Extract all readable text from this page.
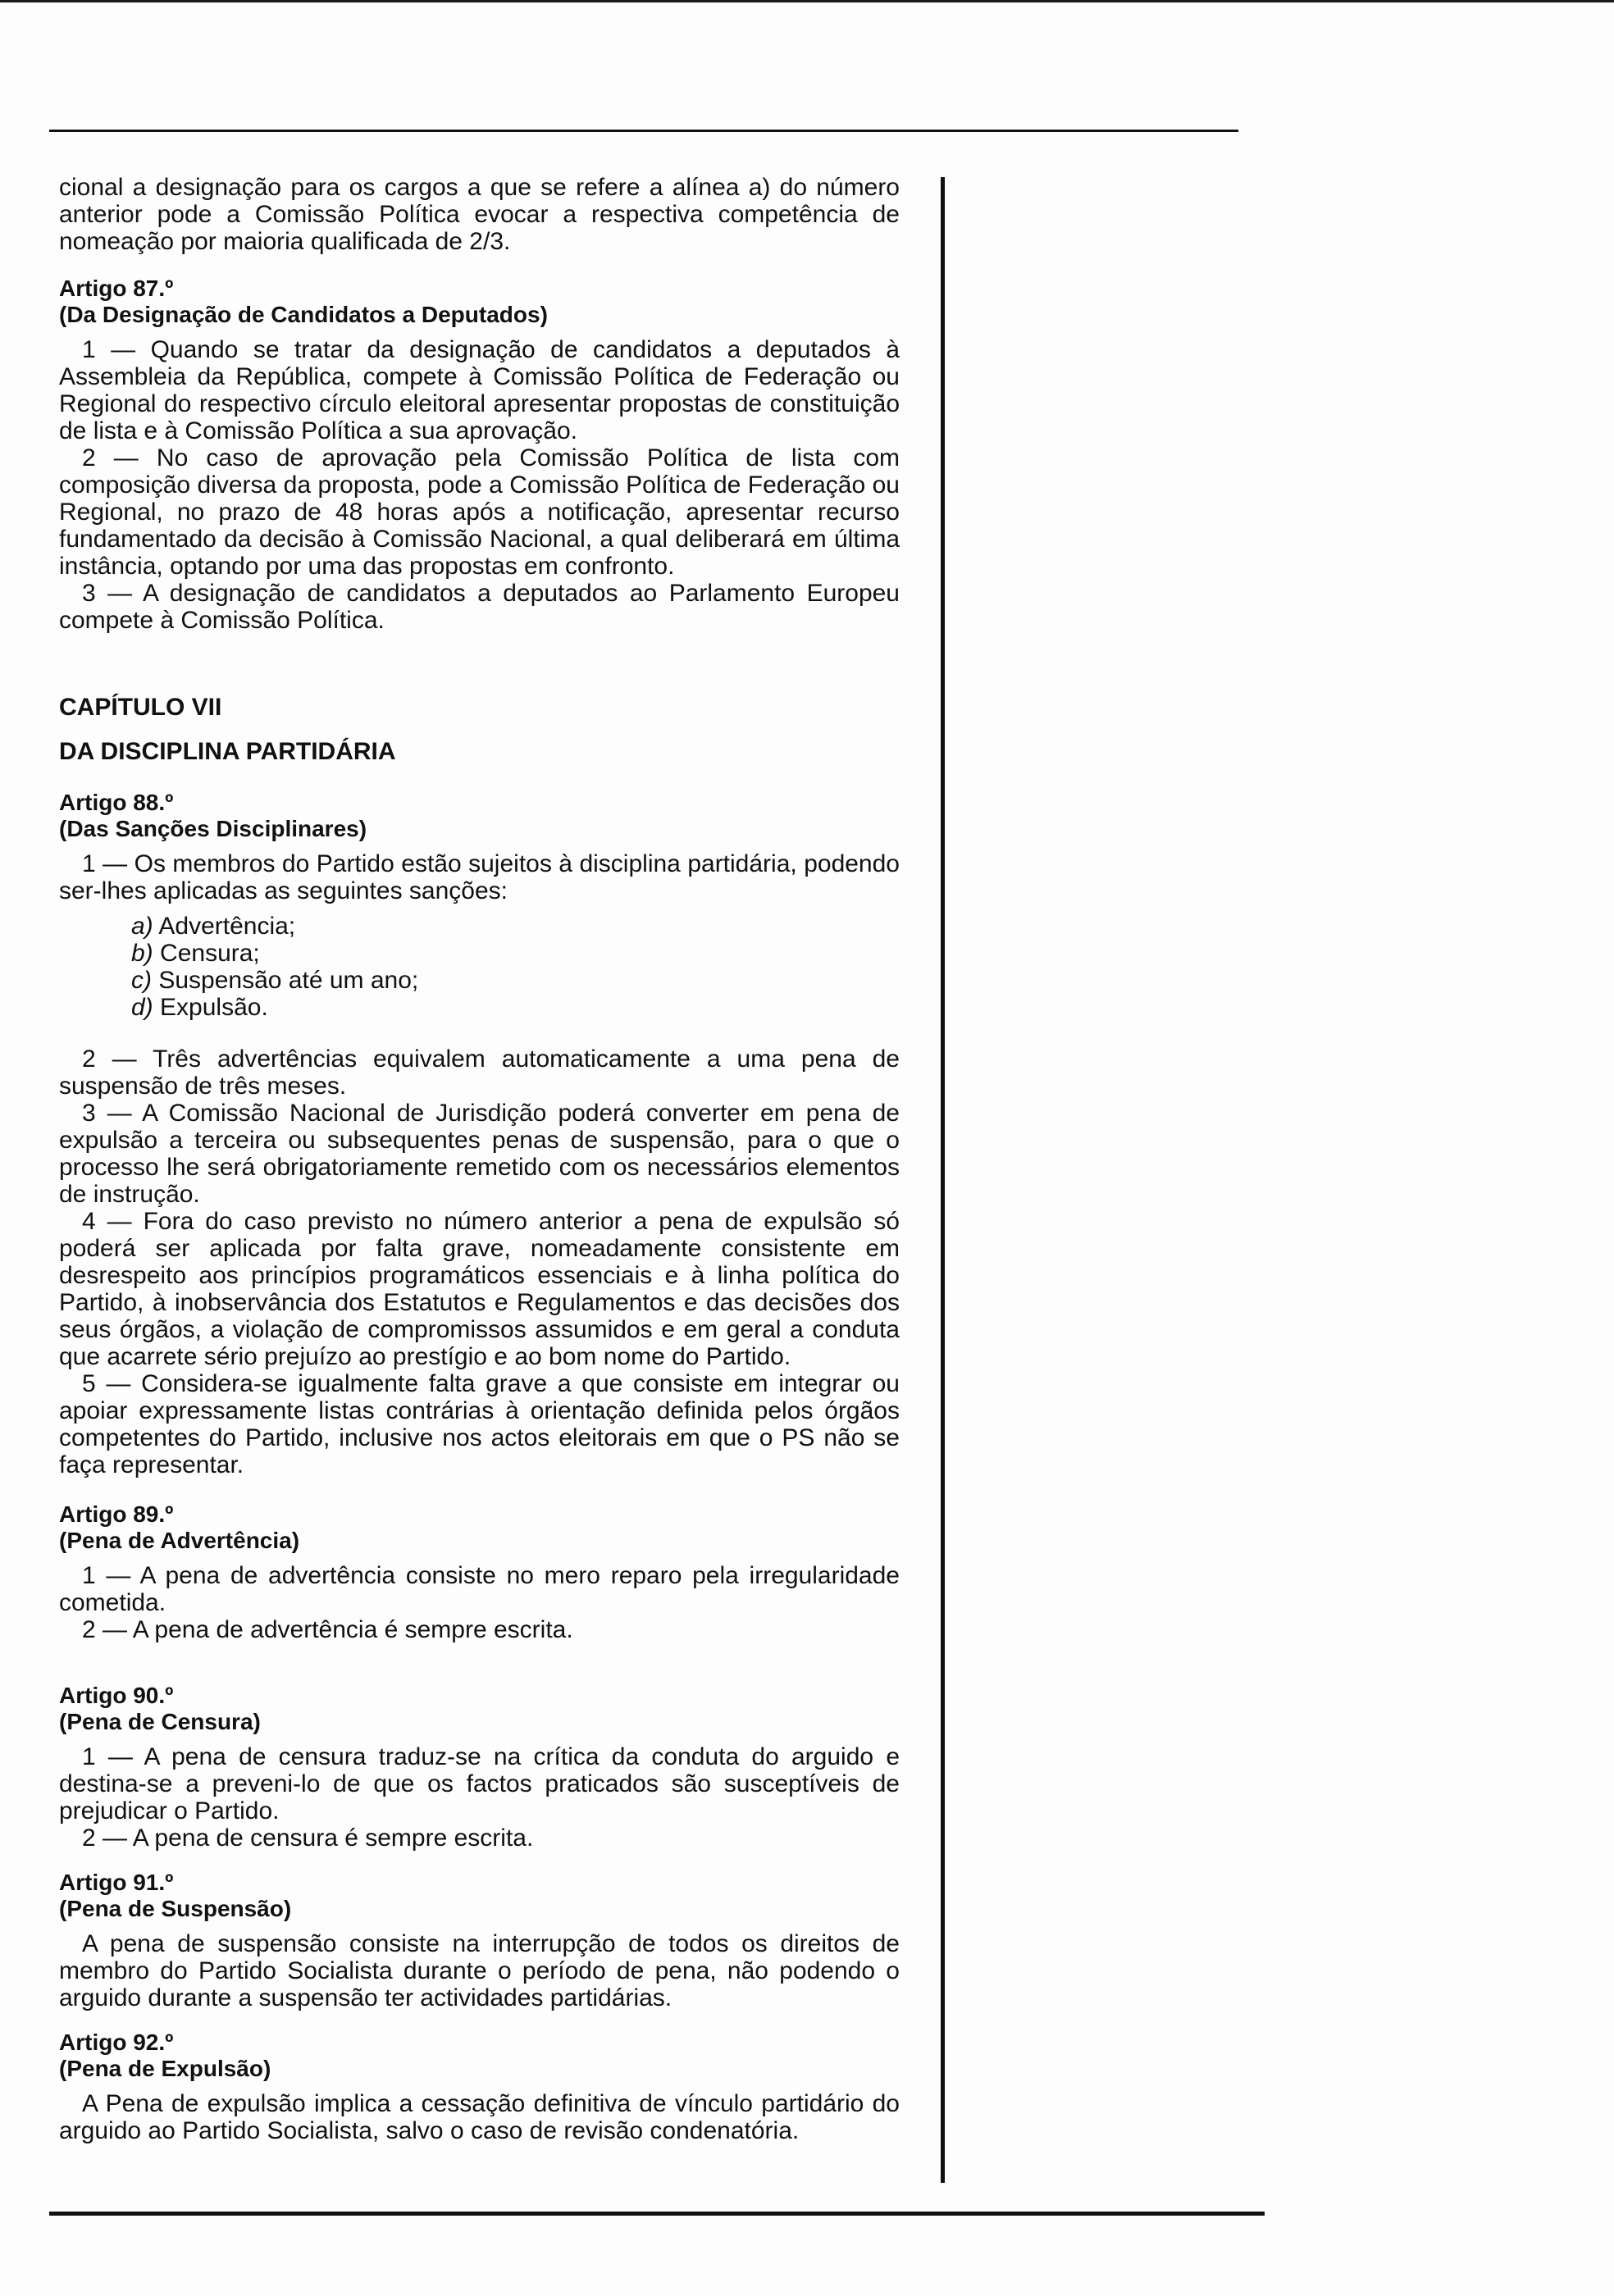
cional a designação para os cargos a que se refere a alínea a) do número anterior pode a Comissão Política evocar a respectiva competência de nomeação por maioria qualificada de 2/3.

Artigo 87.º

(Da Designação de Candidatos a Deputados)

1 — Quando se tratar da designação de candidatos a deputados à Assembleia da República, compete à Comissão Política de Federação ou Regional do respectivo círculo eleitoral apresentar propostas de constituição de lista e à Comissão Política a sua aprovação.

2 — No caso de aprovação pela Comissão Política de lista com composição diversa da proposta, pode a Comissão Política de Federação ou Regional, no prazo de 48 horas após a notificação, apresentar recurso fundamentado da decisão à Comissão Nacional, a qual deliberará em última instância, optando por uma das propostas em confronto.

3 — A designação de candidatos a deputados ao Parlamento Europeu compete à Comissão Política.

CAPÍTULO VII

DA DISCIPLINA PARTIDÁRIA

Artigo 88.º

(Das Sanções Disciplinares)

1 — Os membros do Partido estão sujeitos à disciplina partidária, podendo ser-lhes aplicadas as seguintes sanções:

a) Advertência;
b) Censura;
c) Suspensão até um ano;
d) Expulsão.

2 — Três advertências equivalem automaticamente a uma pena de suspensão de três meses.

3 — A Comissão Nacional de Jurisdição poderá converter em pena de expulsão a terceira ou subsequentes penas de suspensão, para o que o processo lhe será obrigatoriamente remetido com os necessários elementos de instrução.

4 — Fora do caso previsto no número anterior a pena de expulsão só poderá ser aplicada por falta grave, nomeadamente consistente em desrespeito aos princípios programáticos essenciais e à linha política do Partido, à inobservância dos Estatutos e Regulamentos e das decisões dos seus órgãos, a violação de compromissos assumidos e em geral a conduta que acarrete sério prejuízo ao prestígio e ao bom nome do Partido.

5 — Considera-se igualmente falta grave a que consiste em integrar ou apoiar expressamente listas contrárias à orientação definida pelos órgãos competentes do Partido, inclusive nos actos eleitorais em que o PS não se faça representar.

Artigo 89.º

(Pena de Advertência)

1 — A pena de advertência consiste no mero reparo pela irregularidade cometida.

2 — A pena de advertência é sempre escrita.

Artigo 90.º

(Pena de Censura)

1 — A pena de censura traduz-se na crítica da conduta do arguido e destina-se a preveni-lo de que os factos praticados são susceptíveis de prejudicar o Partido.

2 — A pena de censura é sempre escrita.

Artigo 91.º

(Pena de Suspensão)

A pena de suspensão consiste na interrupção de todos os direitos de membro do Partido Socialista durante o período de pena, não podendo o arguido durante a suspensão ter actividades partidárias.

Artigo 92.º

(Pena de Expulsão)

A Pena de expulsão implica a cessação definitiva de vínculo partidário do arguido ao Partido Socialista, salvo o caso de revisão condenatória.
